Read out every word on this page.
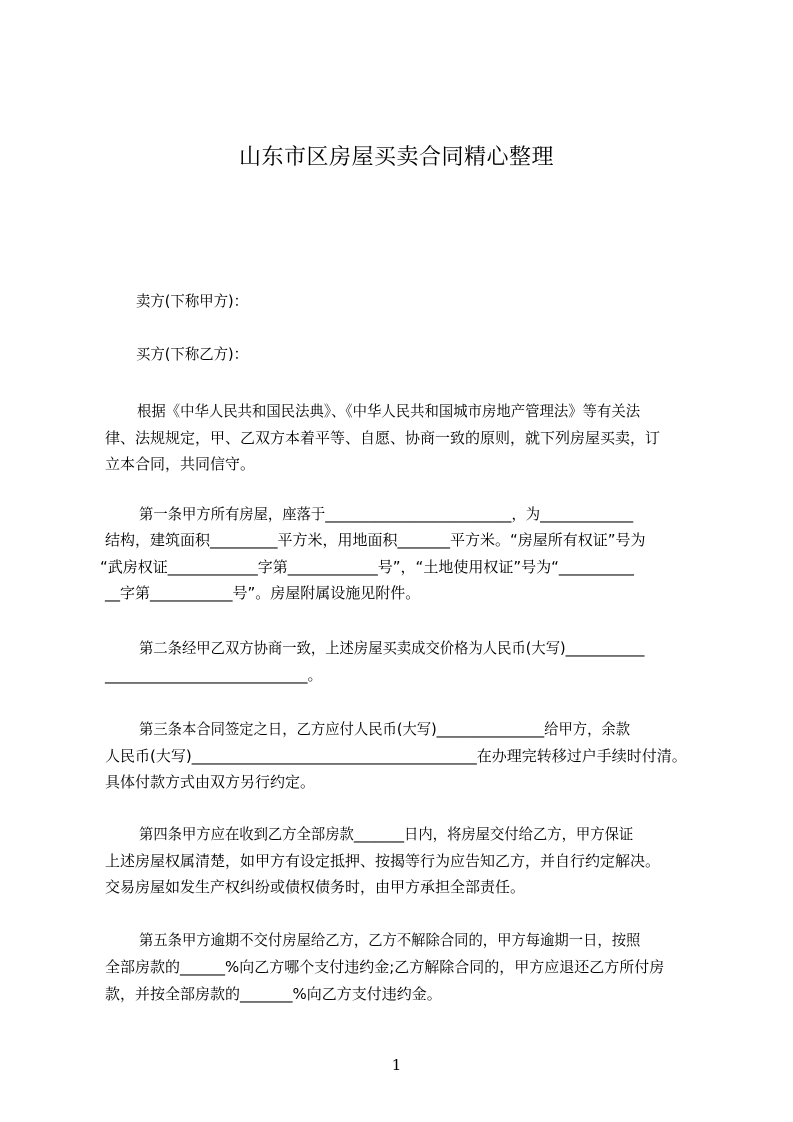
山东市区房屋买卖合同精心整理
卖方(下称甲方)：
买方(下称乙方)：
根据《中华人民共和国民法典》、《中华人民共和国城市房地产管理法》等有关法
律、法规规定，甲、乙双方本着平等、自愿、协商一致的原则，就下列房屋买卖，订
立本合同，共同信守。
第一条甲方所有房屋，座落于__________________________，为_____________
结构，建筑面积_________平方米，用地面积_______平方米。“房屋所有权证”号为
“武房权证____________字第____________号”，“土地使用权证”号为“__________
__字第___________号”。房屋附属设施见附件。
第二条经甲乙双方协商一致，上述房屋买卖成交价格为人民币(大写)___________
___________________________。
第三条本合同签定之日，乙方应付人民币(大写)_______________给甲方，余款
人民币(大写)______________________________________在办理完转移过户手续时付清。
具体付款方式由双方另行约定。
第四条甲方应在收到乙方全部房款_______日内，将房屋交付给乙方，甲方保证
上述房屋权属清楚，如甲方有设定抵押、按揭等行为应告知乙方，并自行约定解决。
交易房屋如发生产权纠纷或债权债务时，由甲方承担全部责任。
第五条甲方逾期不交付房屋给乙方，乙方不解除合同的，甲方每逾期一日，按照
全部房款的______%向乙方哪个支付违约金;乙方解除合同的，甲方应退还乙方所付房
款，并按全部房款的_______%向乙方支付违约金。
1
